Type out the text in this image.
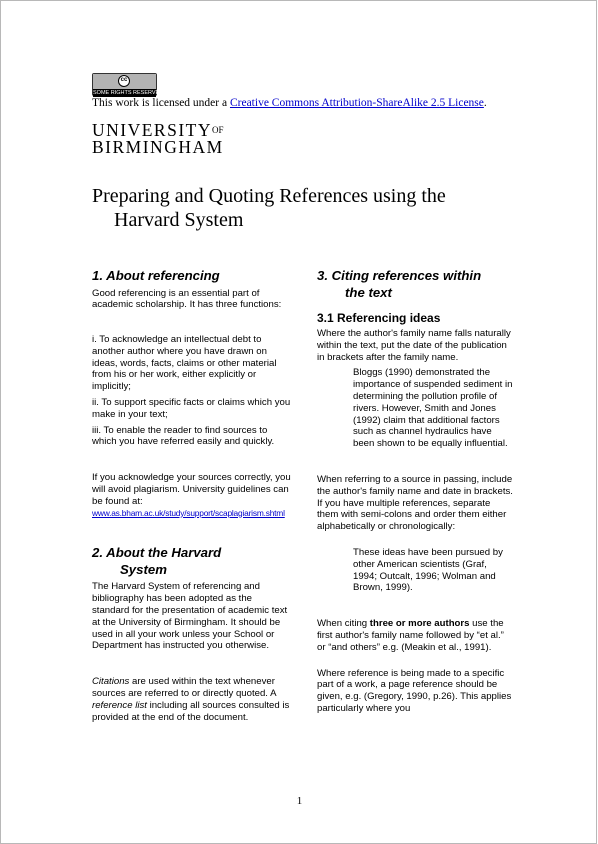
cc
SOME RIGHTS RESERVED
This work is licensed under a Creative Commons Attribution-ShareAlike 2.5 License.
$UNIVERSITY^{OF}$
BIRMINGHAM
Preparing and Quoting References using the
Harvard System

1. About referencing

Good referencing is an essential part of academic scholarship. It has three functions:

i. To acknowledge an intellectual debt to another author where you have drawn on ideas, words, facts, claims or other material from his or her work, either explicitly or implicitly;

ii. To support specific facts or claims which you make in your text;

iii. To enable the reader to find sources to which you have referred easily and quickly.

If you acknowledge your sources correctly, you will avoid plagiarism. University guidelines can be found at:

www.as.bham.ac.uk/study/support/scaplagiarism.shtml

2. About the Harvard
System

The Harvard System of referencing and bibliography has been adopted as the standard for the presentation of academic text at the University of Birmingham. It should be used in all your work unless your School or Department has instructed you otherwise.

Citations are used within the text whenever sources are referred to or directly quoted. A reference list including all sources consulted is provided at the end of the document.

3. Citing references within
the text

3.1 Referencing ideas

Where the author's family name falls naturally within the text, put the date of the publication in brackets after the family name.

Bloggs (1990) demonstrated the importance of suspended sediment in determining the pollution profile of rivers. However, Smith and Jones (1992) claim that additional factors such as channel hydraulics have been shown to be equally influential.

When referring to a source in passing, include the author's family name and date in brackets. If you have multiple references, separate them with semi-colons and order them either alphabetically or chronologically:

These ideas have been pursued by other American scientists (Graf, 1994; Outcalt, 1996; Wolman and Brown, 1999).

When citing three or more authors use the first author's family name followed by “et al.” or “and others” e.g. (Meakin et al., 1991).

Where reference is being made to a specific part of a work, a page reference should be given, e.g. (Gregory, 1990, p.26). This applies particularly where you

1
